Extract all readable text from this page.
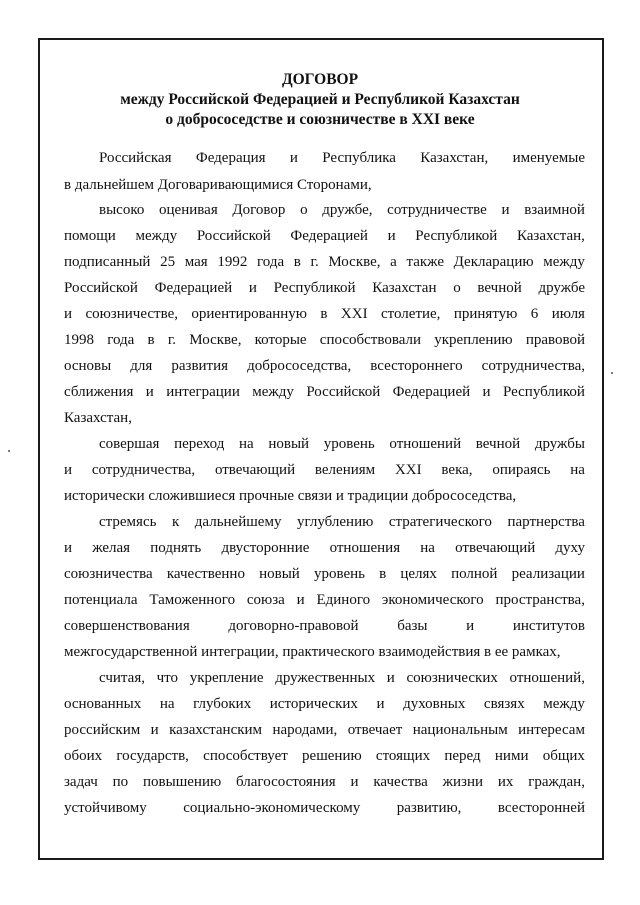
ДОГОВОР
между Российской Федерацией и Республикой Казахстан
о добрососедстве и союзничестве в XXI веке
Российская Федерация и Республика Казахстан, именуемые
в дальнейшем Договаривающимися Сторонами,
высоко оценивая Договор о дружбе, сотрудничестве и взаимной
помощи между Российской Федерацией и Республикой Казахстан,
подписанный 25 мая 1992 года в г. Москве, а также Декларацию между
Российской Федерацией и Республикой Казахстан о вечной дружбе
и союзничестве, ориентированную в XXI столетие, принятую 6 июля
1998 года в г. Москве, которые способствовали укреплению правовой
основы для развития добрососедства, всестороннего сотрудничества,
сближения и интеграции между Российской Федерацией и Республикой
Казахстан,
совершая переход на новый уровень отношений вечной дружбы
и сотрудничества, отвечающий велениям XXI века, опираясь на
исторически сложившиеся прочные связи и традиции добрососедства,
стремясь к дальнейшему углублению стратегического партнерства
и желая поднять двусторонние отношения на отвечающий духу
союзничества качественно новый уровень в целях полной реализации
потенциала Таможенного союза и Единого экономического пространства,
совершенствования	договорно-правовой	базы	и	институтов
межгосударственной интеграции, практического взаимодействия в ее рамках,
считая, что укрепление дружественных и союзнических отношений,
основанных на глубоких исторических и духовных связях между
российским и казахстанским народами, отвечает национальным интересам
обоих государств, способствует решению стоящих перед ними общих
задач по повышению благосостояния и качества жизни их граждан,
устойчивому социально-экономическому развитию, всесторонней
